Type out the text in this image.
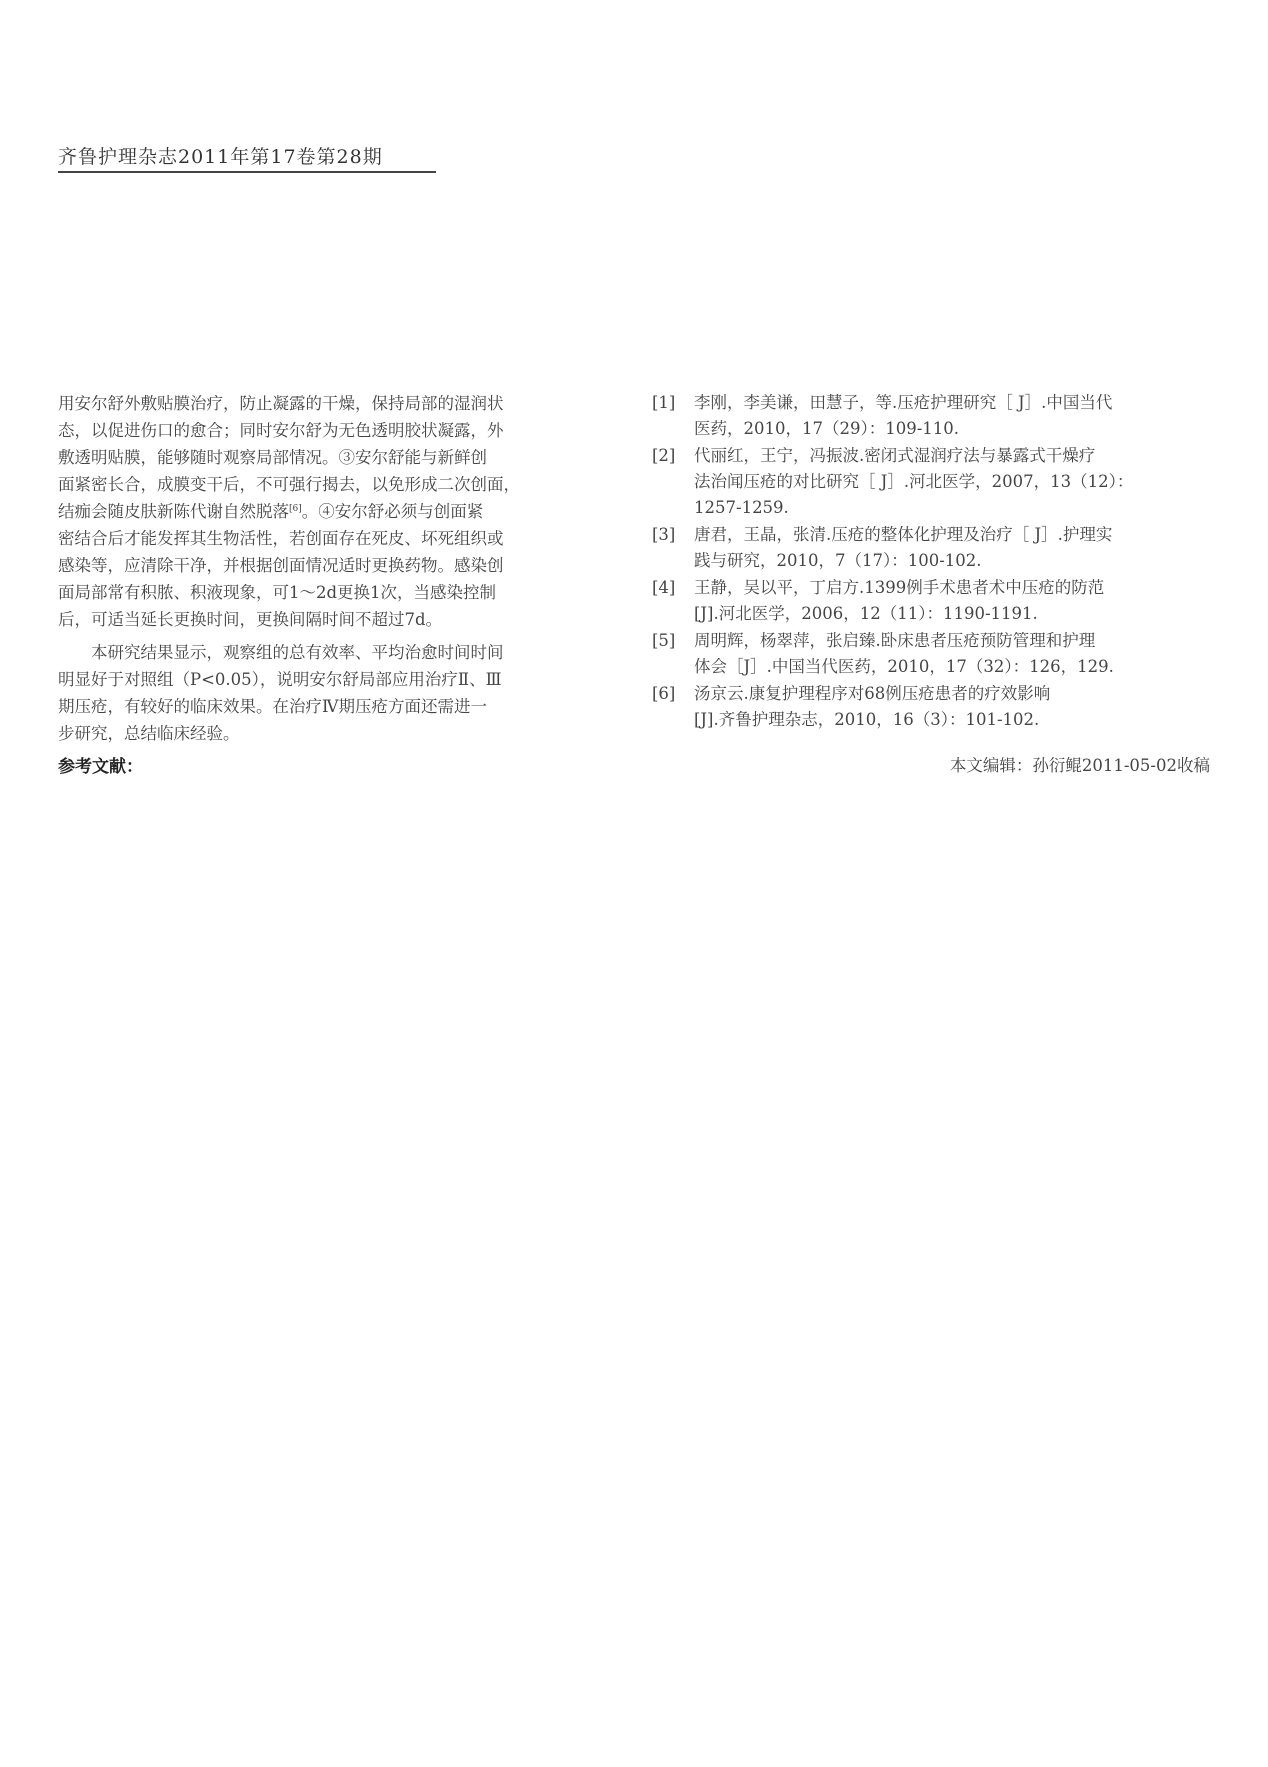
齐鲁护理杂志2011年第17卷第28期
用安尔舒外敷贴膜治疗，防止凝露的干燥，保持局部的湿润状
态，以促进伤口的愈合；同时安尔舒为无色透明胶状凝露，外
敷透明贴膜，能够随时观察局部情况。③安尔舒能与新鲜创
面紧密长合，成膜变干后，不可强行揭去，以免形成二次创面，
结痂会随皮肤新陈代谢自然脱落[6]。④安尔舒必须与创面紧
密结合后才能发挥其生物活性，若创面存在死皮、坏死组织或
感染等，应清除干净，并根据创面情况适时更换药物。感染创
面局部常有积脓、积液现象，可1～2d更换1次，当感染控制
后，可适当延长更换时间，更换间隔时间不超过7d。
本研究结果显示，观察组的总有效率、平均治愈时间时间
明显好于对照组（P<0.05），说明安尔舒局部应用治疗Ⅱ、Ⅲ
期压疮，有较好的临床效果。在治疗Ⅳ期压疮方面还需进一
步研究，总结临床经验。
参考文献：
[1]	李刚，李美谦，田慧子，等.压疮护理研究［ J］.中国当代
医药，2010，17（29）：109-110.
[2]	代丽红，王宁，冯振波.密闭式湿润疗法与暴露式干燥疗
法治闻压疮的对比研究［ J］.河北医学，2007，13（12）：
1257-1259.
[3]	唐君，王晶，张清.压疮的整体化护理及治疗［ J］.护理实
践与研究，2010，7（17）：100-102.
[4]	王静，吴以平，丁启方.1399例手术患者术中压疮的防范
[J].河北医学，2006，12（11）：1190-1191.
[5]	周明辉，杨翠萍，张启臻.卧床患者压疮预防管理和护理
体会［J］.中国当代医药，2010，17（32）：126，129.
[6]	汤京云.康复护理程序对68例压疮患者的疗效影响
[J].齐鲁护理杂志，2010，16（3）：101-102.
本文编辑：孙衍鲲2011-05-02收稿
